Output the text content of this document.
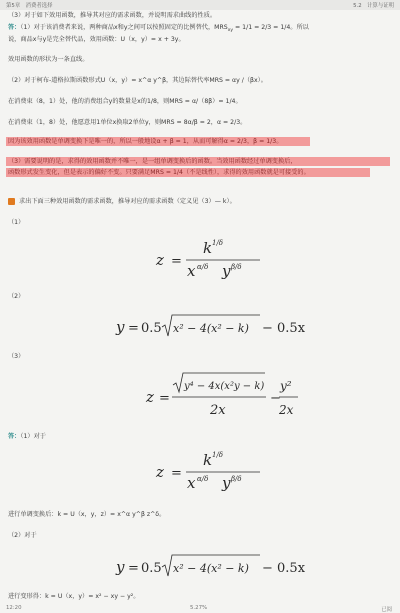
第5章　消费者选择	5.2　计算与证明
（3）对于如下效用函数，推导其对应的需求函数，并说明需求曲线的性质。
答：（1）对于该消费者来说，两种商品x和y之间可以按照固定的比例替代，$MRS_{xy} = 1/1 = 2/3 = 1/4$。所以
说，商品x与y是完全替代品，效用函数：U（x，y）= x + 3y。
效用函数的形状为一条直线。
（2）对于柯布-道格拉斯函数形式U（x，y）= x^α y^β，其边际替代率MRS = αy /（βx）。
在消费束（8，1）处，他的消费组合y的数量是x的1/8，则MRS = α/（8β）= 1/4。
在消费束（1，8）处，他愿意用1单位x换取2单位y，则MRS = 8α/β = 2，α = 2/3。
因为该效用函数是单调变换下是唯一的，所以一般地设α + β = 1，从而可解得α = 2/3，β = 1/3。
（3）需要说明的是，求得的效用函数并不唯一，是一组单调变换后的函数。当效用函数经过单调变换后，
函数形式发生变化，但是表示的偏好不变。只要满足MRS = 1/4（不是线性），求得的效用函数就是可接受的。
求出下面三种效用函数的需求函数，推导对应的需求函数（定义见（3）— k）。
（1）
z =
k 1/δ
x α/δ y β/δ
（2）
y = 0.5 x² − 4(x² − k) − 0.5x
（3）
z =
y⁴ − 4x(x²y − k)
2x
−
y²
2x
答：（1）对于
z =
k 1/δ
x α/δ y β/δ
进行单调变换后：k = U（x，y，z）= x^α y^β z^δ。
（2）对于
y = 0.5 x² − 4(x² − k) − 0.5x
进行变形得：k = U（x，y）= x² − xy − y²。
12:20	5.27%	已阅
